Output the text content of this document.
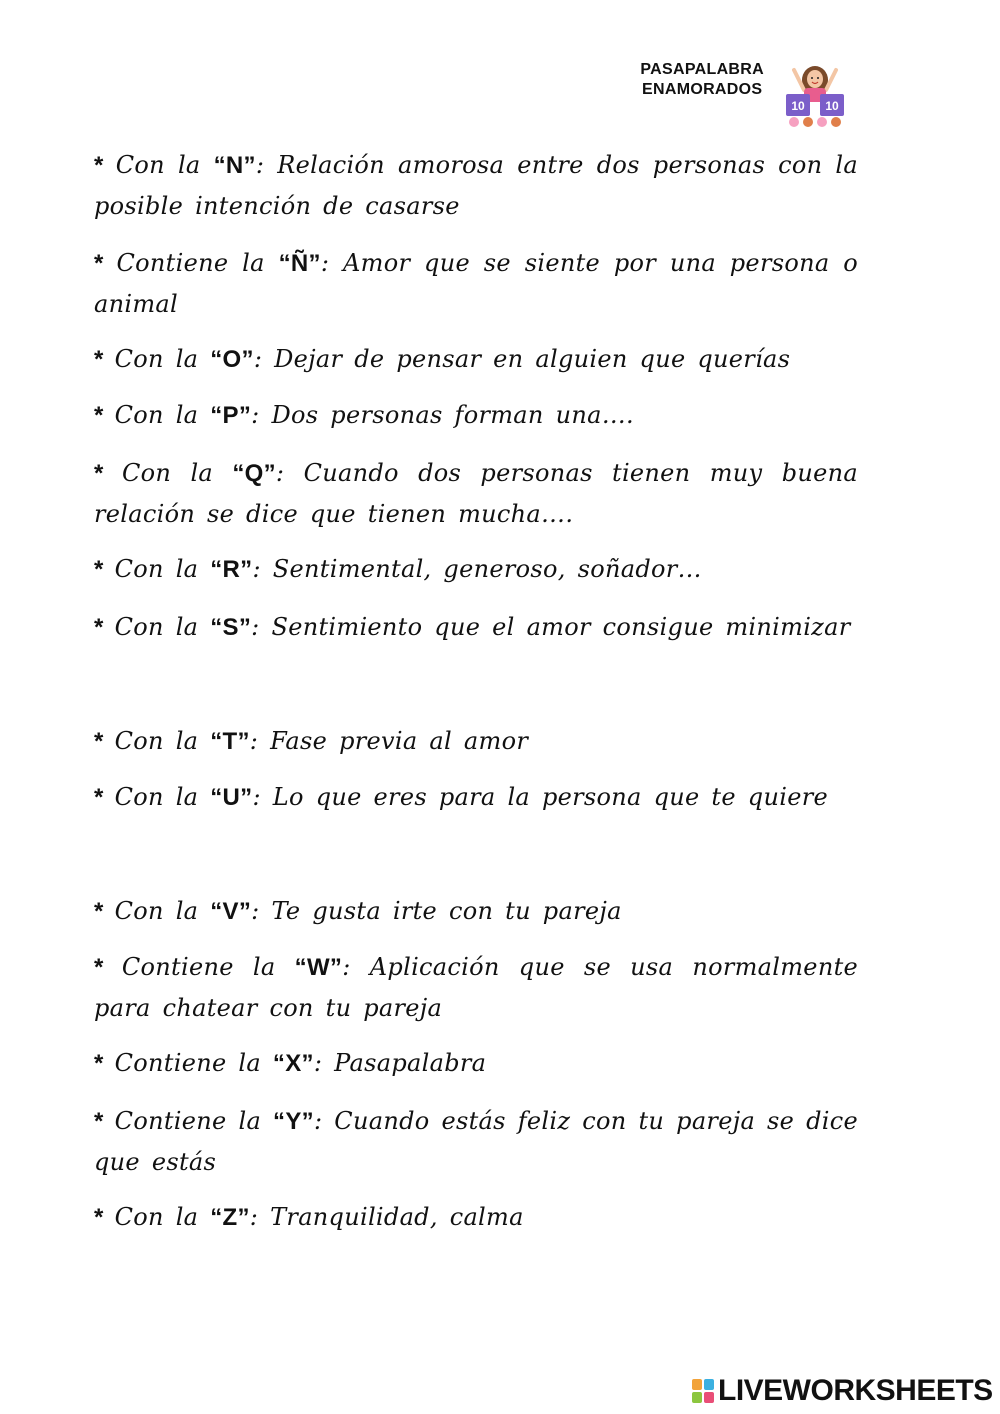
PASAPALABRA
ENAMORADOS
10 10
* Con la “N”: Relación amorosa entre dos personas con la posible intención de casarse
* Contiene la “Ñ”: Amor que se siente por una persona o animal
* Con la “O”: Dejar de pensar en alguien que querías
* Con la “P”: Dos personas forman una….
* Con la “Q”: Cuando dos personas tienen muy buena relación se dice que tienen mucha….
* Con la “R”: Sentimental, generoso, soñador…
* Con la “S”: Sentimiento que el amor consigue minimizar
* Con la “T”: Fase previa al amor
* Con la “U”: Lo que eres para la persona que te quiere
* Con la “V”: Te gusta irte con tu pareja
* Contiene la “W”: Aplicación que se usa normalmente para chatear con tu pareja
* Contiene la “X”: Pasapalabra
* Contiene la “Y”: Cuando estás feliz con tu pareja se dice que estás
* Con la “Z”: Tranquilidad, calma
LIVEWORKSHEETS
